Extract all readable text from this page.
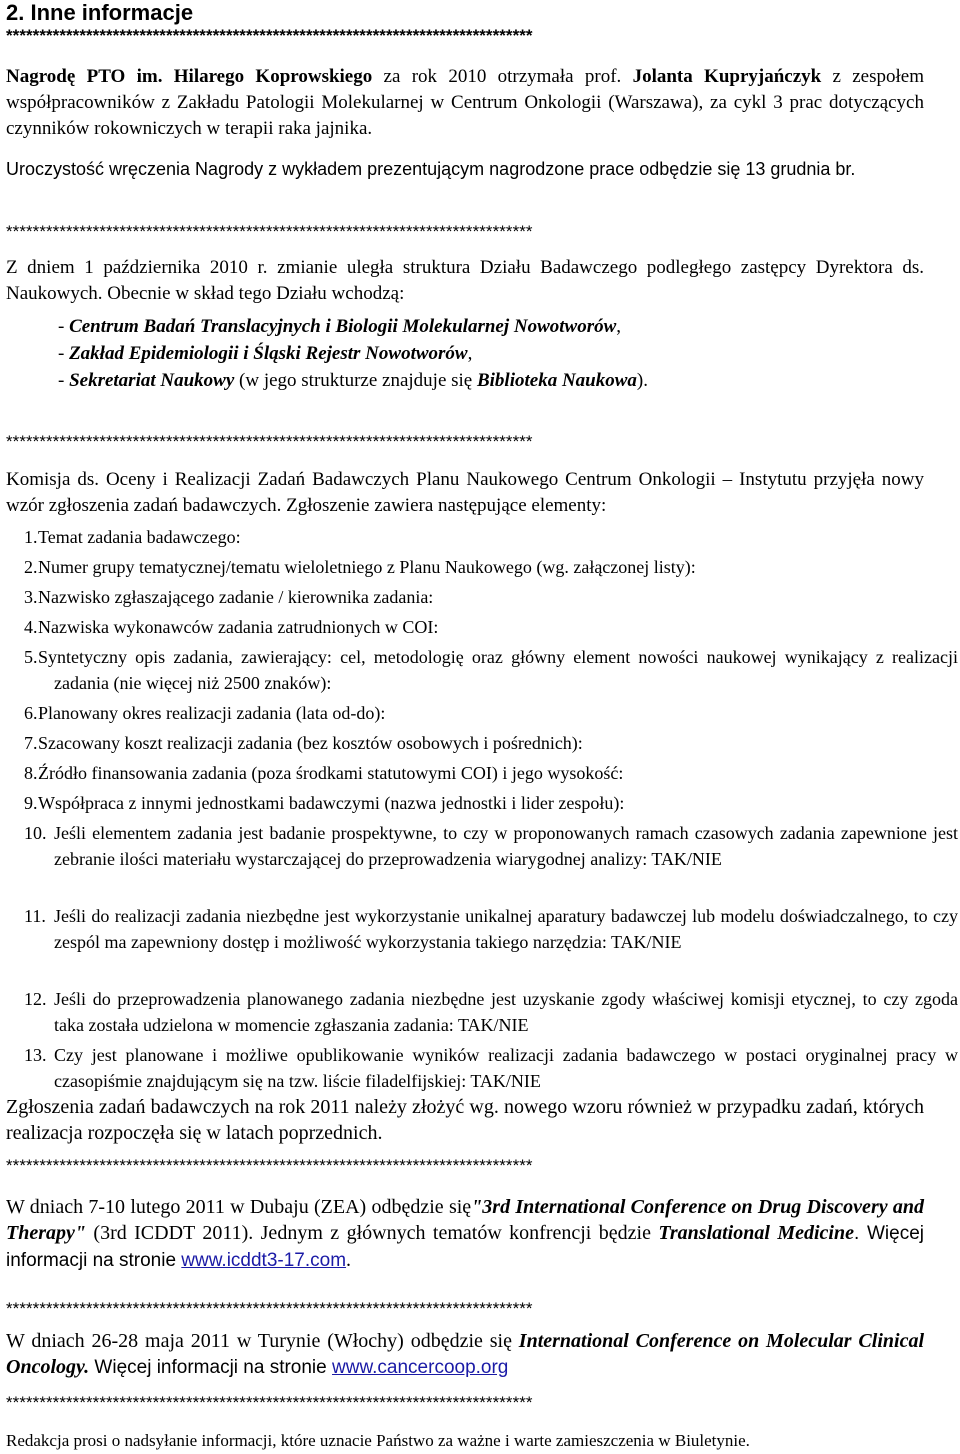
2. Inne informacje
*******************************************************************************
Nagrodę PTO im. Hilarego Koprowskiego za rok 2010 otrzymała prof. Jolanta Kupryjańczyk z zespołem współpracowników z Zakładu Patologii Molekularnej w Centrum Onkologii (Warszawa), za cykl 3 prac dotyczących czynników rokowniczych w terapii raka jajnika.
Uroczystość wręczenia Nagrody z wykładem prezentującym nagrodzone prace odbędzie się 13 grudnia br.
*******************************************************************************
Z dniem 1 października 2010 r. zmianie uległa struktura Działu Badawczego podległego zastępcy Dyrektora ds. Naukowych. Obecnie w skład tego Działu wchodzą:
- Centrum Badań Translacyjnych i Biologii Molekularnej Nowotworów,
- Zakład Epidemiologii i Śląski Rejestr Nowotworów,
- Sekretariat Naukowy (w jego strukturze znajduje się Biblioteka Naukowa).
*******************************************************************************
Komisja ds. Oceny i Realizacji Zadań Badawczych Planu Naukowego Centrum Onkologii – Instytutu przyjęła nowy wzór zgłoszenia zadań badawczych. Zgłoszenie zawiera następujące elementy:
1. Temat zadania badawczego:
2. Numer grupy tematycznej/tematu wieloletniego z Planu Naukowego (wg. załączonej listy):
3. Nazwisko zgłaszającego zadanie / kierownika zadania:
4. Nazwiska wykonawców zadania zatrudnionych w COI:
5. Syntetyczny opis zadania, zawierający: cel, metodologię oraz główny element nowości naukowej wynikający z realizacji zadania (nie więcej niż 2500 znaków):
6. Planowany okres realizacji zadania (lata od-do):
7. Szacowany koszt realizacji zadania (bez kosztów osobowych i pośrednich):
8. Źródło finansowania zadania (poza środkami statutowymi COI) i jego wysokość:
9. Współpraca z innymi jednostkami badawczymi (nazwa jednostki i lider zespołu):
10. Jeśli elementem zadania jest badanie prospektywne, to czy w proponowanych ramach czasowych zadania zapewnione jest zebranie ilości materiału wystarczającej do przeprowadzenia wiarygodnej analizy: TAK/NIE
11. Jeśli do realizacji zadania niezbędne jest wykorzystanie unikalnej aparatury badawczej lub modelu doświadczalnego, to czy zespól ma zapewniony dostęp i możliwość wykorzystania takiego narzędzia: TAK/NIE
12. Jeśli do przeprowadzenia planowanego zadania niezbędne jest uzyskanie zgody właściwej komisji etycznej, to czy zgoda taka została udzielona w momencie zgłaszania zadania: TAK/NIE
13. Czy jest planowane i możliwe opublikowanie wyników realizacji zadania badawczego w postaci oryginalnej pracy w czasopiśmie znajdującym się na tzw. liście filadelfijskiej: TAK/NIE
Zgłoszenia zadań badawczych na rok 2011 należy złożyć wg. nowego wzoru również w przypadku zadań, których realizacja rozpoczęła się w latach poprzednich.
*******************************************************************************
W dniach 7-10 lutego 2011 w Dubaju (ZEA) odbędzie się"3rd International Conference on Drug Discovery and Therapy" (3rd ICDDT 2011). Jednym z głównych tematów konfrencji będzie Translational Medicine. Więcej informacji na stronie www.icddt3-17.com.
*******************************************************************************
W dniach 26-28 maja 2011 w Turynie (Włochy) odbędzie się International Conference on Molecular Clinical Oncology. Więcej informacji na stronie www.cancercoop.org
*******************************************************************************
Redakcja prosi o nadsyłanie informacji, które uznacie Państwo za ważne i warte zamieszczenia w Biuletynie.
